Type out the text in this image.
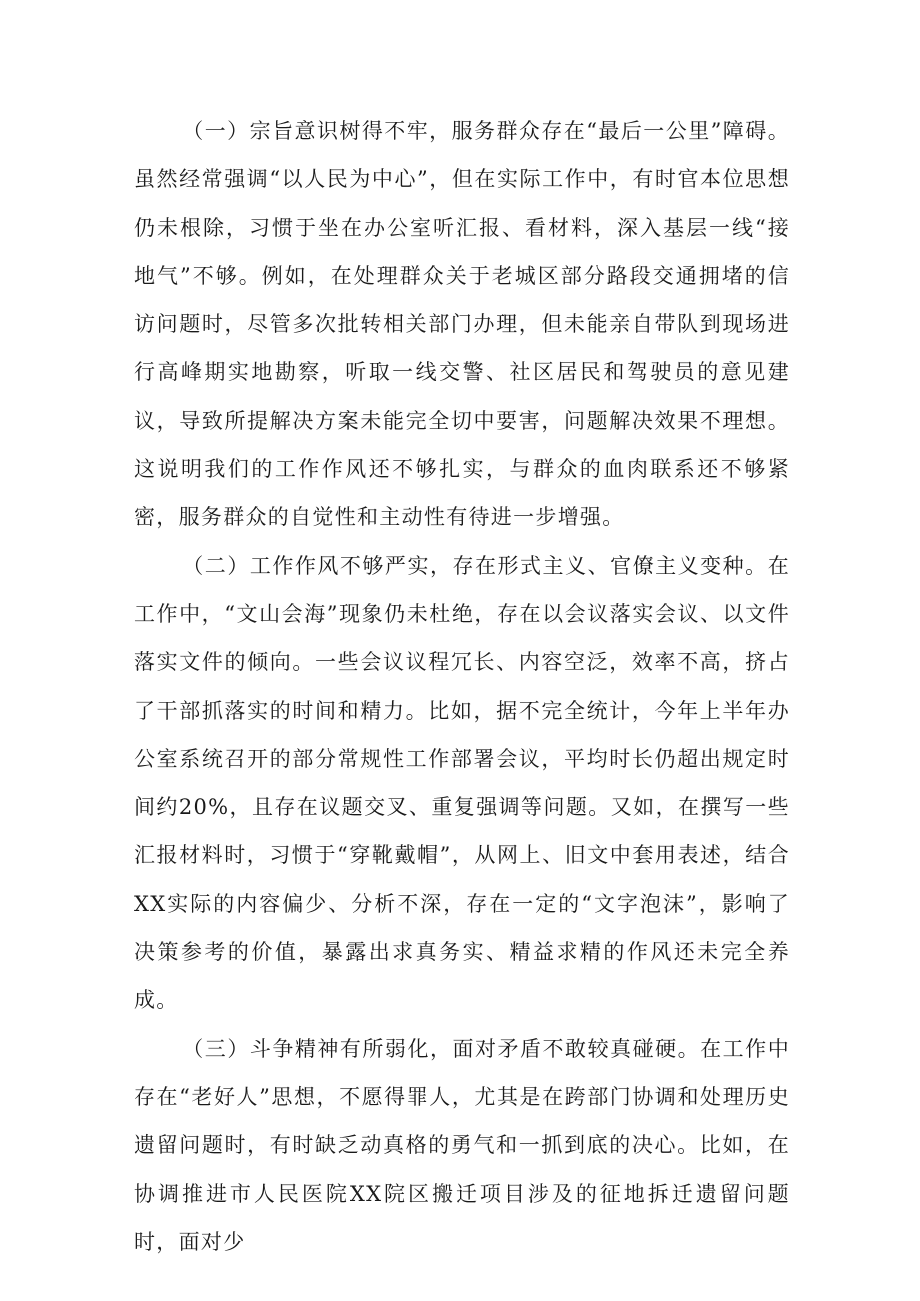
（一）宗旨意识树得不牢，服务群众存在“最后一公里”障碍。虽然经常强调“以人民为中心”，但在实际工作中，有时官本位思想仍未根除，习惯于坐在办公室听汇报、看材料，深入基层一线“接地气”不够。例如，在处理群众关于老城区部分路段交通拥堵的信访问题时，尽管多次批转相关部门办理，但未能亲自带队到现场进行高峰期实地勘察，听取一线交警、社区居民和驾驶员的意见建议，导致所提解决方案未能完全切中要害，问题解决效果不理想。这说明我们的工作作风还不够扎实，与群众的血肉联系还不够紧密，服务群众的自觉性和主动性有待进一步增强。

（二）工作作风不够严实，存在形式主义、官僚主义变种。在工作中，“文山会海”现象仍未杜绝，存在以会议落实会议、以文件落实文件的倾向。一些会议议程冗长、内容空泛，效率不高，挤占了干部抓落实的时间和精力。比如，据不完全统计，今年上半年办公室系统召开的部分常规性工作部署会议，平均时长仍超出规定时间约20%，且存在议题交叉、重复强调等问题。又如，在撰写一些汇报材料时，习惯于“穿靴戴帽”，从网上、旧文中套用表述，结合XX实际的内容偏少、分析不深，存在一定的“文字泡沫”，影响了决策参考的价值，暴露出求真务实、精益求精的作风还未完全养成。

（三）斗争精神有所弱化，面对矛盾不敢较真碰硬。在工作中存在“老好人”思想，不愿得罪人，尤其是在跨部门协调和处理历史遗留问题时，有时缺乏动真格的勇气和一抓到底的决心。比如，在协调推进市人民医院XX院区搬迁项目涉及的征地拆迁遗留问题时，面对少
